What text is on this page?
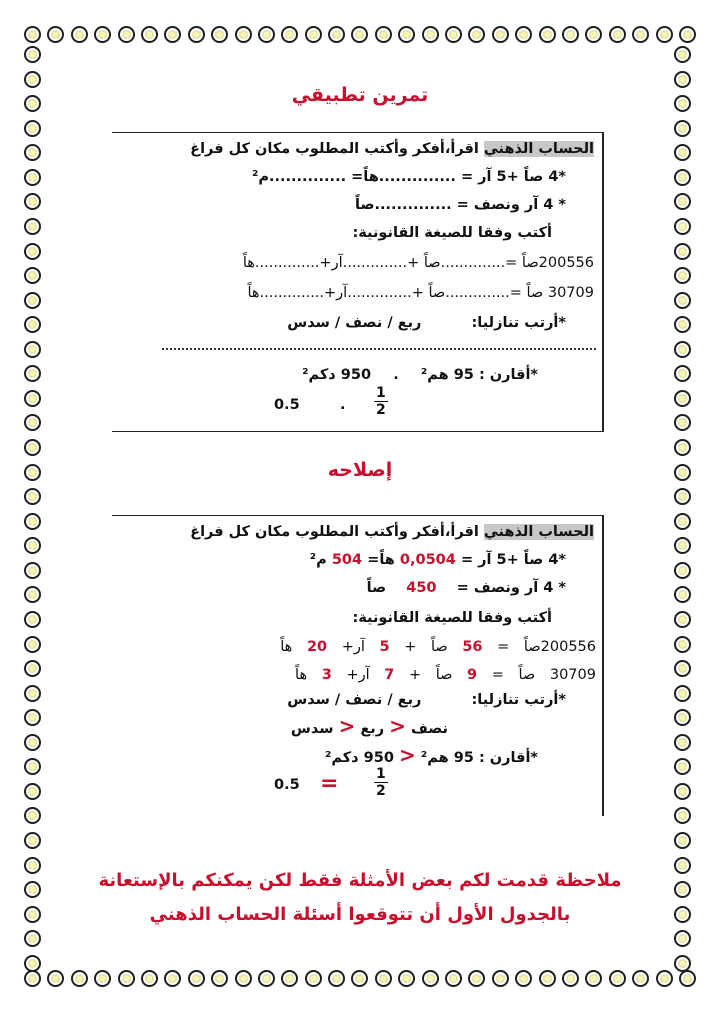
تمرين تطبيقي
الحساب الذهني اقرأ،أفكر وأكتب المطلوب مكان كل فراغ
*4 صاً +5 آر = ..............هاً= ..............م²
* 4 آر ونصف = ..............صاً
أكتب وفقا للصيغة القانونية:
200556صاً =..............صاً +..............آر+..............هاً
30709 صاً =..............صاً +..............آر+..............هاً
*أرتب تنازليا:  ربع / نصف / سدس
*أقارن : 95 هم²  .  950 دكم²
.
0.5	$\frac{1}{2}$
إصلاحه
الحساب الذهني اقرأ،أفكر وأكتب المطلوب مكان كل فراغ
*4 صاً +5 آر = 0,0504 هاً= 504 م²
* 4 آر ونصف =  450  صاً
أكتب وفقا للصيغة القانونية:
200556صاً = 56 صاً + 5 آر+ 20 هاً
30709 صاً = 9 صاً + 7 آر+ 3 هاً
*أرتب تنازليا:  ربع / نصف / سدس
نصف < ربع < سدس
*أقارن : 95 هم² < 950 دكم²
=
0.5	$\frac{1}{2}$
ملاحظة قدمت لكم بعض الأمثلة فقط لكن يمكنكم بالإستعانة
بالجدول الأول أن تتوقعوا أسئلة الحساب الذهني
